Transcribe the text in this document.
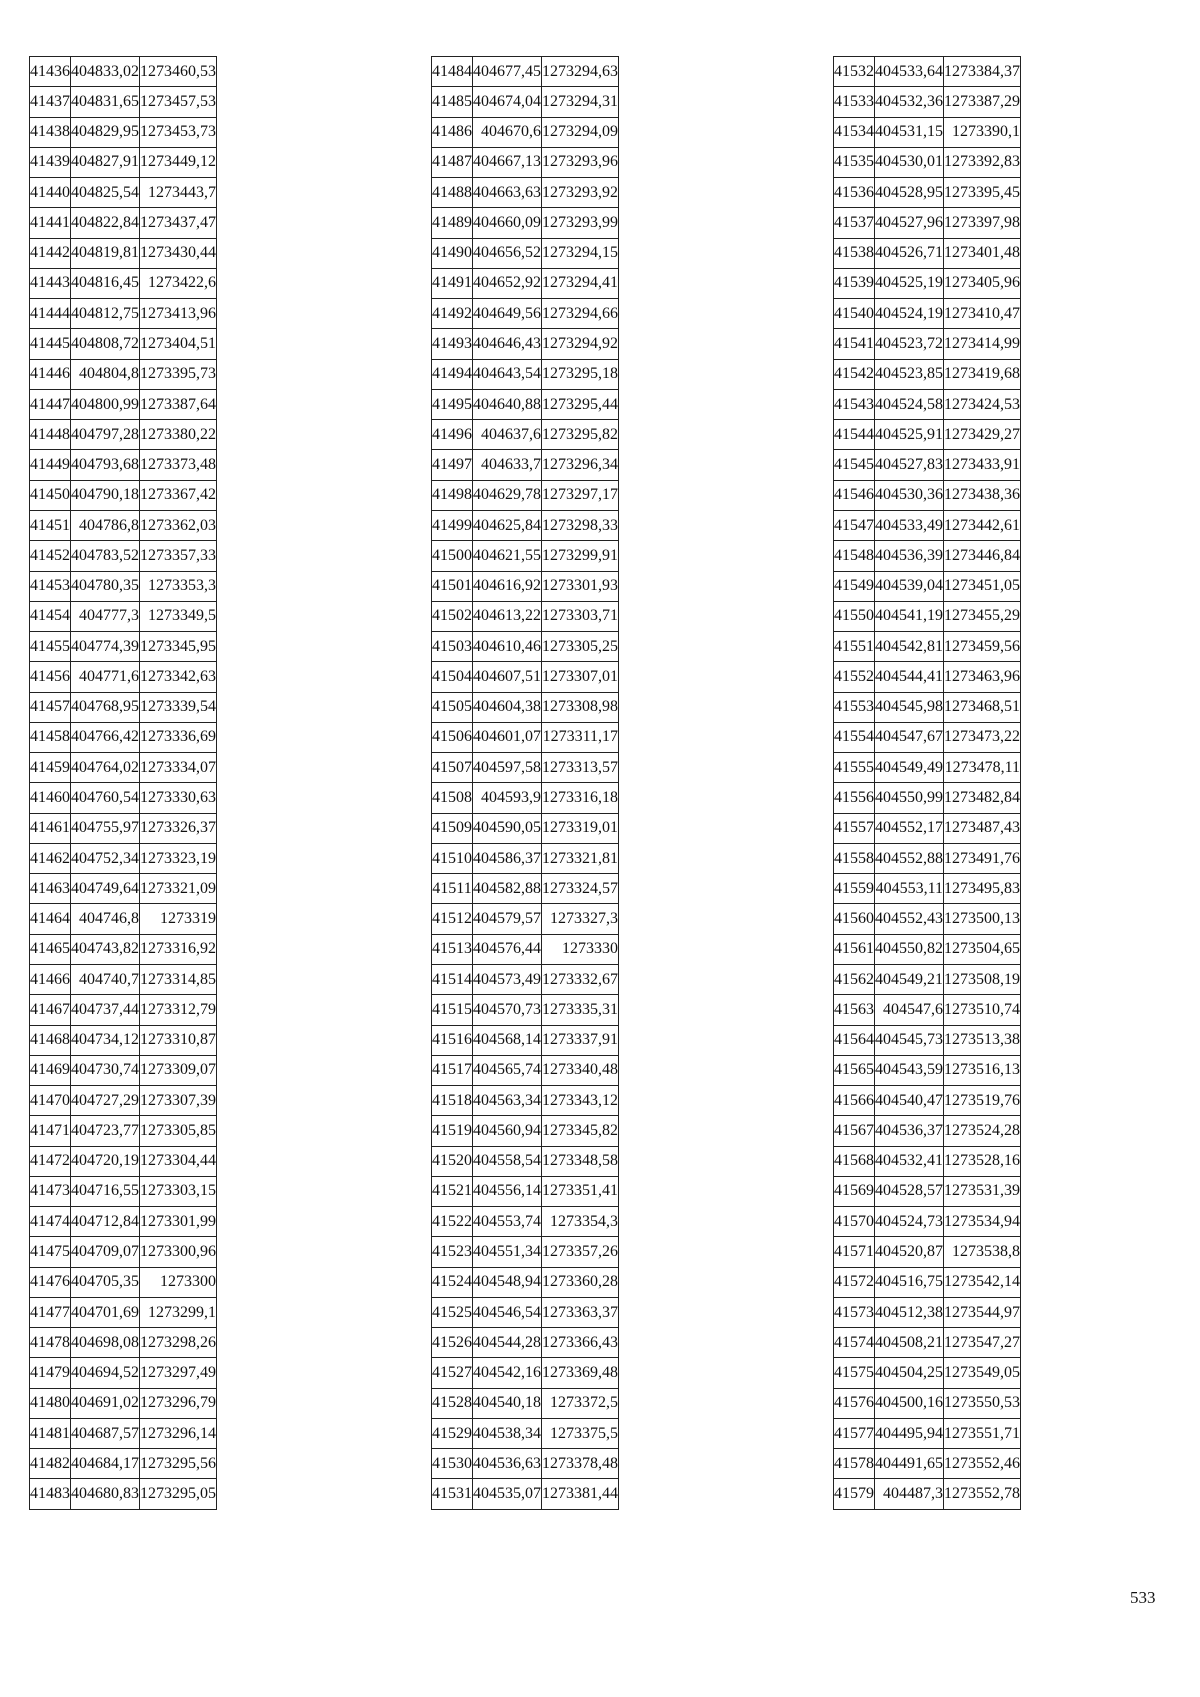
41436	404833,02	1273460,53
41437	404831,65	1273457,53
41438	404829,95	1273453,73
41439	404827,91	1273449,12
41440	404825,54	1273443,7
41441	404822,84	1273437,47
41442	404819,81	1273430,44
41443	404816,45	1273422,6
41444	404812,75	1273413,96
41445	404808,72	1273404,51
41446	404804,8	1273395,73
41447	404800,99	1273387,64
41448	404797,28	1273380,22
41449	404793,68	1273373,48
41450	404790,18	1273367,42
41451	404786,8	1273362,03
41452	404783,52	1273357,33
41453	404780,35	1273353,3
41454	404777,3	1273349,5
41455	404774,39	1273345,95
41456	404771,6	1273342,63
41457	404768,95	1273339,54
41458	404766,42	1273336,69
41459	404764,02	1273334,07
41460	404760,54	1273330,63
41461	404755,97	1273326,37
41462	404752,34	1273323,19
41463	404749,64	1273321,09
41464	404746,8	1273319
41465	404743,82	1273316,92
41466	404740,7	1273314,85
41467	404737,44	1273312,79
41468	404734,12	1273310,87
41469	404730,74	1273309,07
41470	404727,29	1273307,39
41471	404723,77	1273305,85
41472	404720,19	1273304,44
41473	404716,55	1273303,15
41474	404712,84	1273301,99
41475	404709,07	1273300,96
41476	404705,35	1273300
41477	404701,69	1273299,1
41478	404698,08	1273298,26
41479	404694,52	1273297,49
41480	404691,02	1273296,79
41481	404687,57	1273296,14
41482	404684,17	1273295,56
41483	404680,83	1273295,05
41484	404677,45	1273294,63
41485	404674,04	1273294,31
41486	404670,6	1273294,09
41487	404667,13	1273293,96
41488	404663,63	1273293,92
41489	404660,09	1273293,99
41490	404656,52	1273294,15
41491	404652,92	1273294,41
41492	404649,56	1273294,66
41493	404646,43	1273294,92
41494	404643,54	1273295,18
41495	404640,88	1273295,44
41496	404637,6	1273295,82
41497	404633,7	1273296,34
41498	404629,78	1273297,17
41499	404625,84	1273298,33
41500	404621,55	1273299,91
41501	404616,92	1273301,93
41502	404613,22	1273303,71
41503	404610,46	1273305,25
41504	404607,51	1273307,01
41505	404604,38	1273308,98
41506	404601,07	1273311,17
41507	404597,58	1273313,57
41508	404593,9	1273316,18
41509	404590,05	1273319,01
41510	404586,37	1273321,81
41511	404582,88	1273324,57
41512	404579,57	1273327,3
41513	404576,44	1273330
41514	404573,49	1273332,67
41515	404570,73	1273335,31
41516	404568,14	1273337,91
41517	404565,74	1273340,48
41518	404563,34	1273343,12
41519	404560,94	1273345,82
41520	404558,54	1273348,58
41521	404556,14	1273351,41
41522	404553,74	1273354,3
41523	404551,34	1273357,26
41524	404548,94	1273360,28
41525	404546,54	1273363,37
41526	404544,28	1273366,43
41527	404542,16	1273369,48
41528	404540,18	1273372,5
41529	404538,34	1273375,5
41530	404536,63	1273378,48
41531	404535,07	1273381,44
41532	404533,64	1273384,37
41533	404532,36	1273387,29
41534	404531,15	1273390,1
41535	404530,01	1273392,83
41536	404528,95	1273395,45
41537	404527,96	1273397,98
41538	404526,71	1273401,48
41539	404525,19	1273405,96
41540	404524,19	1273410,47
41541	404523,72	1273414,99
41542	404523,85	1273419,68
41543	404524,58	1273424,53
41544	404525,91	1273429,27
41545	404527,83	1273433,91
41546	404530,36	1273438,36
41547	404533,49	1273442,61
41548	404536,39	1273446,84
41549	404539,04	1273451,05
41550	404541,19	1273455,29
41551	404542,81	1273459,56
41552	404544,41	1273463,96
41553	404545,98	1273468,51
41554	404547,67	1273473,22
41555	404549,49	1273478,11
41556	404550,99	1273482,84
41557	404552,17	1273487,43
41558	404552,88	1273491,76
41559	404553,11	1273495,83
41560	404552,43	1273500,13
41561	404550,82	1273504,65
41562	404549,21	1273508,19
41563	404547,6	1273510,74
41564	404545,73	1273513,38
41565	404543,59	1273516,13
41566	404540,47	1273519,76
41567	404536,37	1273524,28
41568	404532,41	1273528,16
41569	404528,57	1273531,39
41570	404524,73	1273534,94
41571	404520,87	1273538,8
41572	404516,75	1273542,14
41573	404512,38	1273544,97
41574	404508,21	1273547,27
41575	404504,25	1273549,05
41576	404500,16	1273550,53
41577	404495,94	1273551,71
41578	404491,65	1273552,46
41579	404487,3	1273552,78
533
